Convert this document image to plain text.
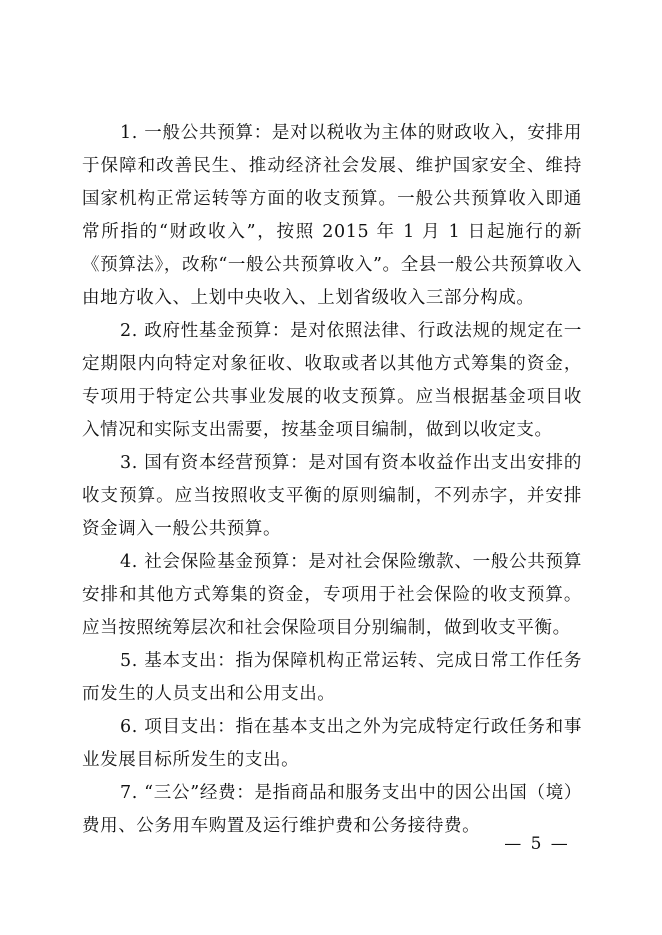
1. 一般公共预算：是对以税收为主体的财政收入，安排用于保障和改善民生、推动经济社会发展、维护国家安全、维持国家机构正常运转等方面的收支预算。一般公共预算收入即通常所指的“财政收入”，按照 2015 年 1 月 1 日起施行的新《预算法》，改称“一般公共预算收入”。全县一般公共预算收入由地方收入、上划中央收入、上划省级收入三部分构成。

2. 政府性基金预算：是对依照法律、行政法规的规定在一定期限内向特定对象征收、收取或者以其他方式筹集的资金，专项用于特定公共事业发展的收支预算。应当根据基金项目收入情况和实际支出需要，按基金项目编制，做到以收定支。

3. 国有资本经营预算：是对国有资本收益作出支出安排的收支预算。应当按照收支平衡的原则编制，不列赤字，并安排资金调入一般公共预算。

4. 社会保险基金预算：是对社会保险缴款、一般公共预算安排和其他方式筹集的资金，专项用于社会保险的收支预算。应当按照统筹层次和社会保险项目分别编制，做到收支平衡。

5. 基本支出：指为保障机构正常运转、完成日常工作任务而发生的人员支出和公用支出。

6. 项目支出：指在基本支出之外为完成特定行政任务和事业发展目标所发生的支出。

7. “三公”经费：是指商品和服务支出中的因公出国（境）费用、公务用车购置及运行维护费和公务接待费。

— 5 —
